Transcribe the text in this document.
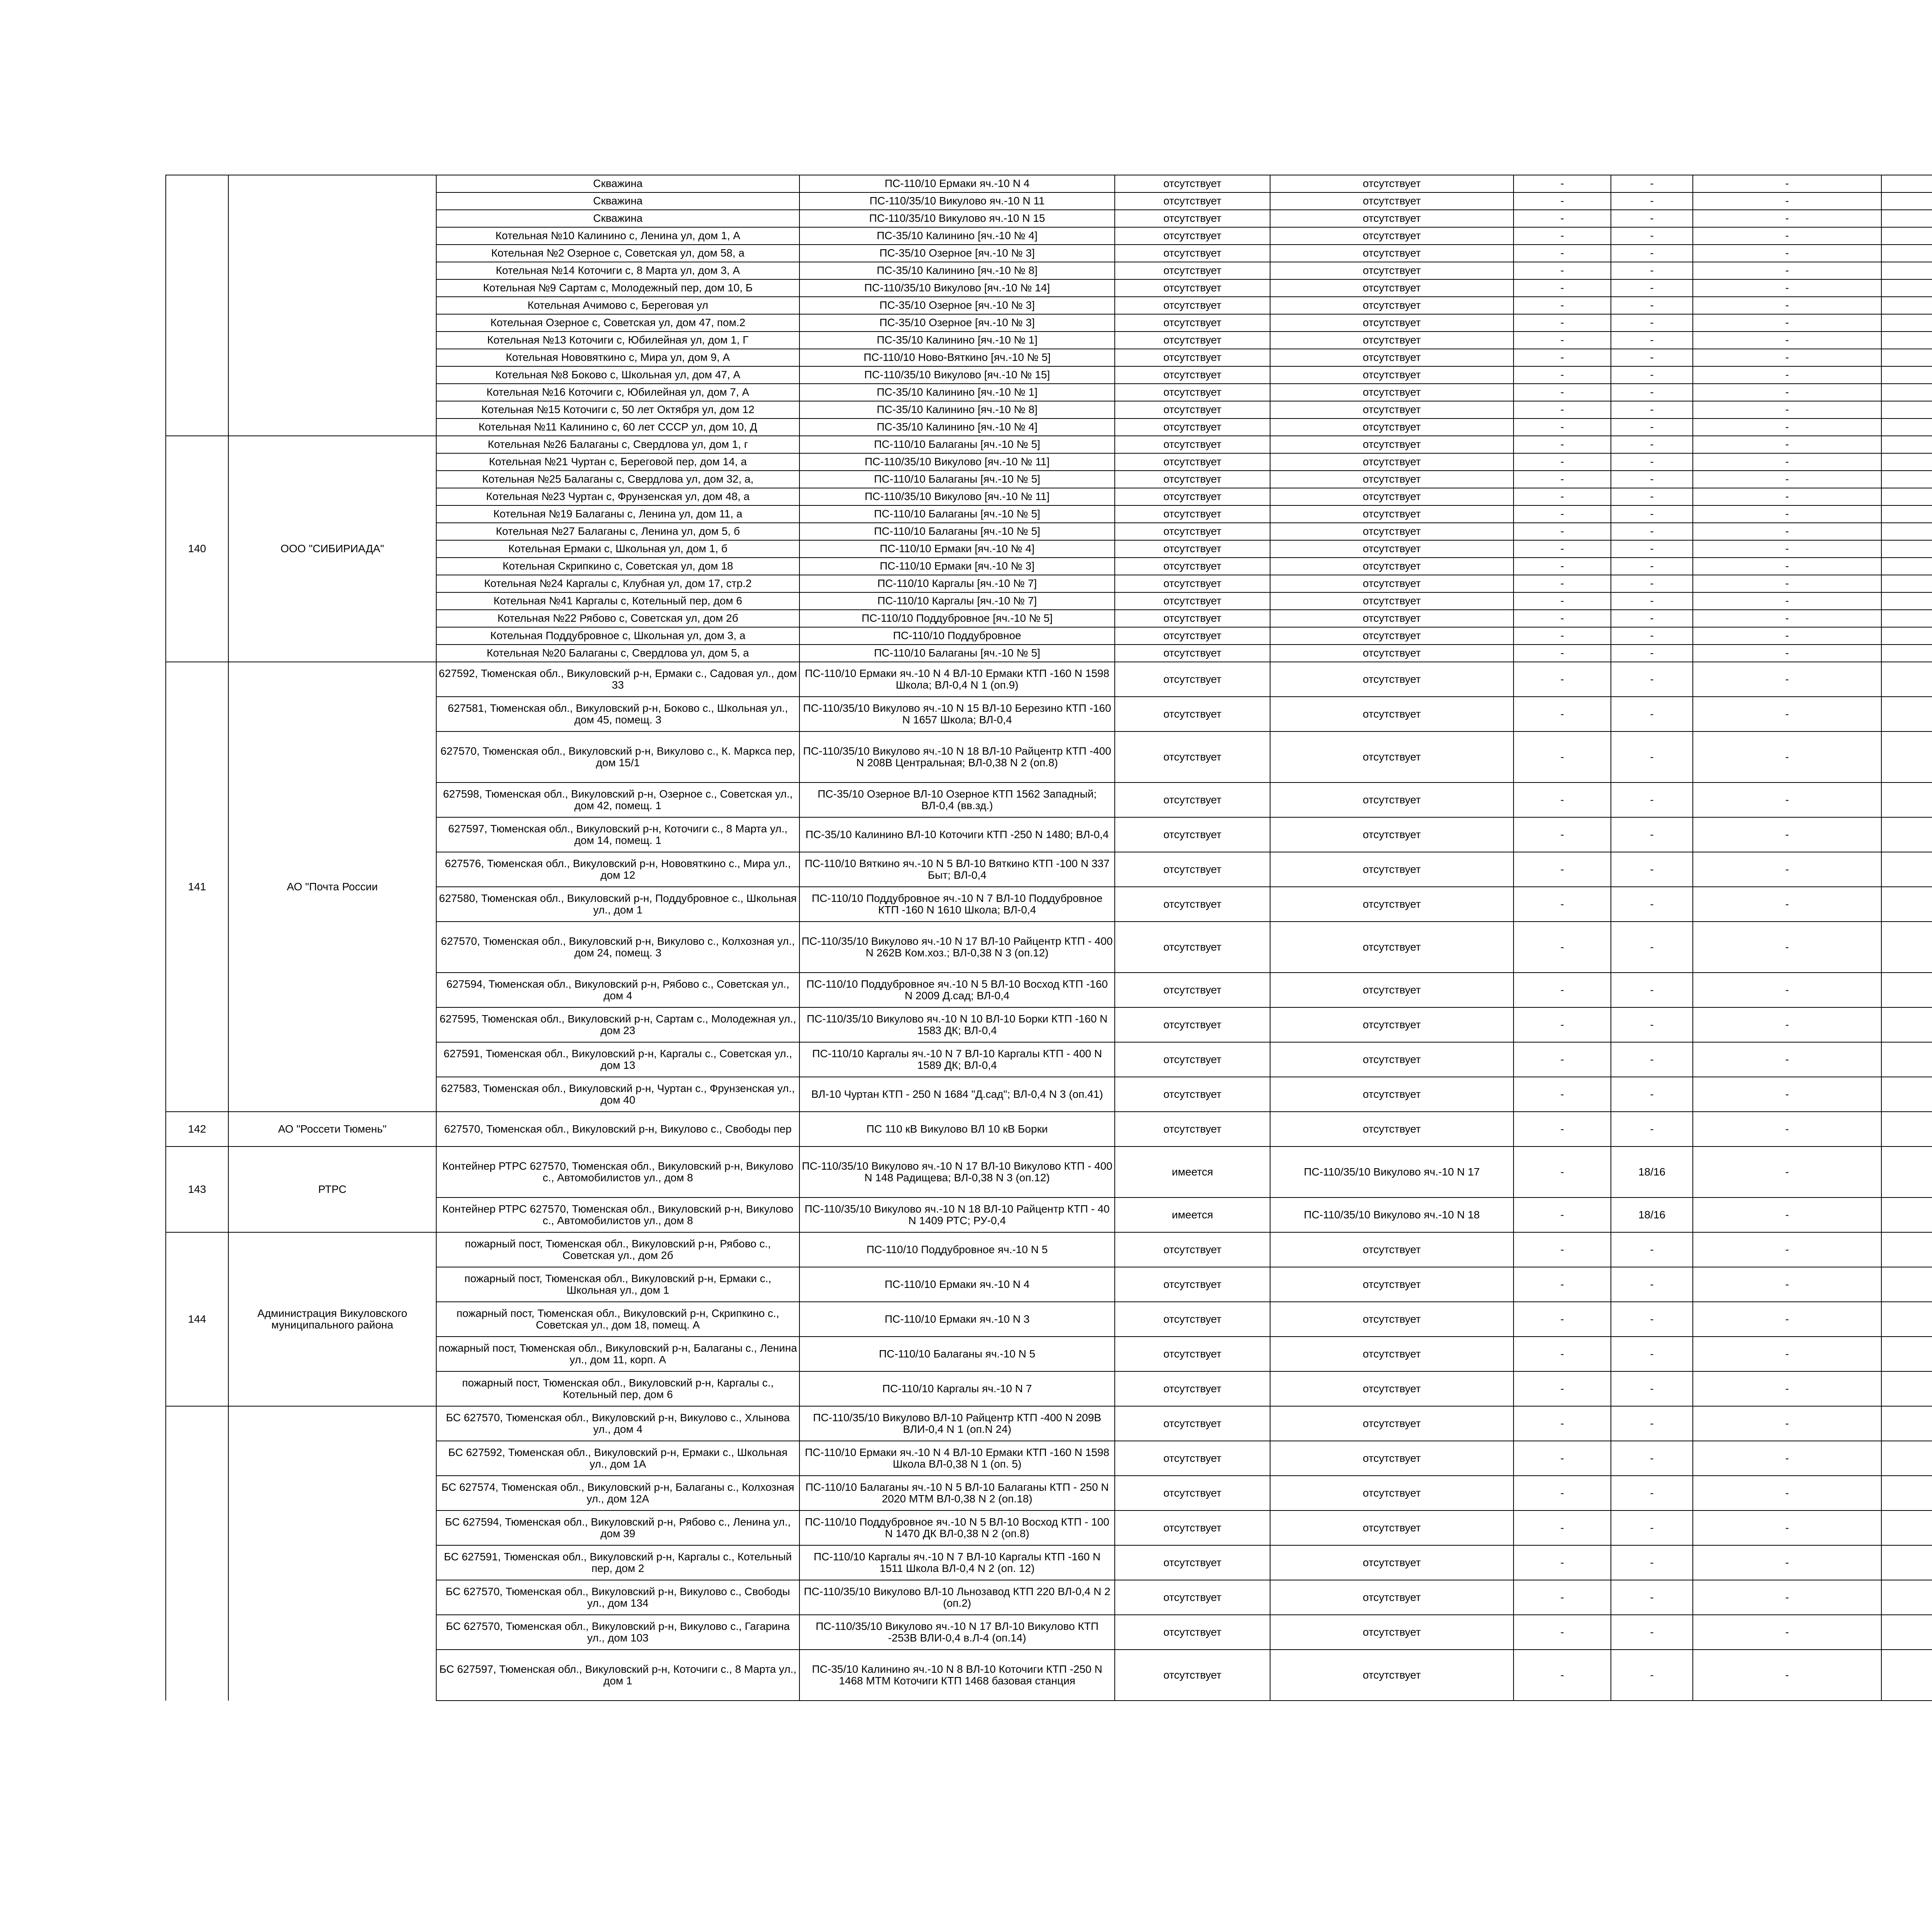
		Скважина	ПС-110/10 Ермаки яч.-10 N 4	отсутствует	отсутствует	-	-	-		
		Скважина	ПС-110/35/10 Викулово яч.-10 N 11	отсутствует	отсутствует	-	-	-		
		Скважина	ПС-110/35/10 Викулово яч.-10 N 15	отсутствует	отсутствует	-	-	-		
		Котельная №10 Калинино с, Ленина ул, дом 1, А	ПС-35/10 Калинино [яч.-10 № 4]	отсутствует	отсутствует	-	-	-		
		Котельная №2 Озерное с, Советская ул, дом 58, а	ПС-35/10 Озерное [яч.-10 № 3]	отсутствует	отсутствует	-	-	-		
		Котельная №14 Коточиги с, 8 Марта ул, дом 3, А	ПС-35/10 Калинино [яч.-10 № 8]	отсутствует	отсутствует	-	-	-		
		Котельная №9 Сартам с, Молодежный пер, дом 10, Б	ПС-110/35/10 Викулово [яч.-10 № 14]	отсутствует	отсутствует	-	-	-		
		Котельная Ачимово с, Береговая ул	ПС-35/10 Озерное [яч.-10 № 3]	отсутствует	отсутствует	-	-	-		
		Котельная Озерное с, Советская ул, дом 47, пом.2	ПС-35/10 Озерное [яч.-10 № 3]	отсутствует	отсутствует	-	-	-		
		Котельная №13 Коточиги с, Юбилейная ул, дом 1, Г	ПС-35/10 Калинино [яч.-10 № 1]	отсутствует	отсутствует	-	-	-		
		Котельная Нововяткино с, Мира ул, дом 9, А	ПС-110/10 Ново-Вяткино [яч.-10 № 5]	отсутствует	отсутствует	-	-	-		
		Котельная №8 Боково с, Школьная ул, дом 47, А	ПС-110/35/10 Викулово [яч.-10 № 15]	отсутствует	отсутствует	-	-	-		
		Котельная №16 Коточиги с, Юбилейная ул, дом 7, А	ПС-35/10 Калинино [яч.-10 № 1]	отсутствует	отсутствует	-	-	-		
		Котельная №15 Коточиги с, 50 лет Октября ул, дом 12	ПС-35/10 Калинино [яч.-10 № 8]	отсутствует	отсутствует	-	-	-		
		Котельная №11 Калинино с, 60 лет СССР ул, дом 10, Д	ПС-35/10 Калинино [яч.-10 № 4]	отсутствует	отсутствует	-	-	-		
140	ООО "СИБИРИАДА"	Котельная №26 Балаганы с, Свердлова ул, дом 1, г	ПС-110/10 Балаганы [яч.-10 № 5]	отсутствует	отсутствует	-	-	-		
		Котельная №21 Чуртан с, Береговой пер, дом 14, а	ПС-110/35/10 Викулово [яч.-10 № 11]	отсутствует	отсутствует	-	-	-		
		Котельная №25 Балаганы с, Свердлова ул, дом 32, а,	ПС-110/10 Балаганы [яч.-10 № 5]	отсутствует	отсутствует	-	-	-		
		Котельная №23 Чуртан с, Фрунзенская ул, дом 48, а	ПС-110/35/10 Викулово [яч.-10 № 11]	отсутствует	отсутствует	-	-	-		
		Котельная №19 Балаганы с, Ленина ул, дом 11, а	ПС-110/10 Балаганы [яч.-10 № 5]	отсутствует	отсутствует	-	-	-		
		Котельная №27 Балаганы с, Ленина ул, дом 5, б	ПС-110/10 Балаганы [яч.-10 № 5]	отсутствует	отсутствует	-	-	-		
		Котельная Ермаки с, Школьная ул, дом 1, б	ПС-110/10 Ермаки [яч.-10 № 4]	отсутствует	отсутствует	-	-	-		
		Котельная Скрипкино с, Советская ул, дом 18	ПС-110/10 Ермаки [яч.-10 № 3]	отсутствует	отсутствует	-	-	-		
		Котельная №24 Каргалы с, Клубная ул, дом 17, стр.2	ПС-110/10 Каргалы [яч.-10 № 7]	отсутствует	отсутствует	-	-	-		
		Котельная №41 Каргалы с, Котельный пер, дом 6	ПС-110/10 Каргалы [яч.-10 № 7]	отсутствует	отсутствует	-	-	-		
		Котельная №22 Рябово с, Советская ул, дом 2б	ПС-110/10 Поддубровное [яч.-10 № 5]	отсутствует	отсутствует	-	-	-		
		Котельная Поддубровное с, Школьная ул, дом 3, а	ПС-110/10 Поддубровное	отсутствует	отсутствует	-	-	-		
		Котельная №20 Балаганы с, Свердлова ул, дом 5, а	ПС-110/10 Балаганы [яч.-10 № 5]	отсутствует	отсутствует	-	-	-		
141	АО "Почта России	627592, Тюменская обл., Викуловский р-н, Ермаки с., Садовая ул., дом 33	ПС-110/10 Ермаки яч.-10 N 4 ВЛ-10 Ермаки КТП -160 N 1598 Школа; ВЛ-0,4 N 1 (оп.9)	отсутствует	отсутствует	-	-	-		
		627581, Тюменская обл., Викуловский р-н, Боково с., Школьная ул., дом 45, помещ. 3	ПС-110/35/10 Викулово яч.-10 N 15 ВЛ-10 Березино КТП -160 N 1657 Школа; ВЛ-0,4	отсутствует	отсутствует	-	-	-		
		627570, Тюменская обл., Викуловский р-н, Викулово с., К. Маркса пер, дом 15/1	ПС-110/35/10 Викулово яч.-10 N 18 ВЛ-10 Райцентр КТП -400 N 208В Центральная; ВЛ-0,38 N 2 (оп.8)	отсутствует	отсутствует	-	-	-		
		627598, Тюменская обл., Викуловский р-н, Озерное с., Советская ул., дом 42, помещ. 1	ПС-35/10 Озерное ВЛ-10 Озерное КТП 1562 Западный; ВЛ-0,4 (вв.зд.)	отсутствует	отсутствует	-	-	-		
		627597, Тюменская обл., Викуловский р-н, Коточиги с., 8 Марта ул., дом 14, помещ. 1	ПС-35/10 Калинино ВЛ-10 Коточиги КТП -250 N 1480; ВЛ-0,4	отсутствует	отсутствует	-	-	-		
		627576, Тюменская обл., Викуловский р-н, Нововяткино с., Мира ул., дом 12	ПС-110/10 Вяткино яч.-10 N 5 ВЛ-10 Вяткино КТП -100 N 337 Быт; ВЛ-0,4	отсутствует	отсутствует	-	-	-		
		627580, Тюменская обл., Викуловский р-н, Поддубровное с., Школьная ул., дом 1	ПС-110/10 Поддубровное яч.-10 N 7 ВЛ-10 Поддубровное КТП -160 N 1610 Школа; ВЛ-0,4	отсутствует	отсутствует	-	-	-		
		627570, Тюменская обл., Викуловский р-н, Викулово с., Колхозная ул., дом 24, помещ. 3	ПС-110/35/10 Викулово яч.-10 N 17 ВЛ-10 Райцентр КТП - 400 N 262В Ком.хоз.; ВЛ-0,38 N 3 (оп.12)	отсутствует	отсутствует	-	-	-		
		627594, Тюменская обл., Викуловский р-н, Рябово с., Советская ул., дом 4	ПС-110/10 Поддубровное яч.-10 N 5 ВЛ-10 Восход КТП -160 N 2009 Д.сад; ВЛ-0,4	отсутствует	отсутствует	-	-	-		
		627595, Тюменская обл., Викуловский р-н, Сартам с., Молодежная ул., дом 23	ПС-110/35/10 Викулово яч.-10 N 10 ВЛ-10 Борки КТП -160 N 1583 ДК; ВЛ-0,4	отсутствует	отсутствует	-	-	-		
		627591, Тюменская обл., Викуловский р-н, Каргалы с., Советская ул., дом 13	ПС-110/10 Каргалы яч.-10 N 7 ВЛ-10 Каргалы КТП - 400 N 1589 ДК; ВЛ-0,4	отсутствует	отсутствует	-	-	-		
		627583, Тюменская обл., Викуловский р-н, Чуртан с., Фрунзенская ул., дом 40	ВЛ-10 Чуртан КТП - 250 N 1684 "Д.сад"; ВЛ-0,4 N 3 (оп.41)	отсутствует	отсутствует	-	-	-		
142	АО "Россети Тюмень"	627570, Тюменская обл., Викуловский р-н, Викулово с., Свободы пер	ПС 110 кВ Викулово ВЛ 10 кВ Борки	отсутствует	отсутствует	-	-	-		
143	РТРС	Контейнер РТРС 627570, Тюменская обл., Викуловский р-н, Викулово с., Автомобилистов ул., дом 8	ПС-110/35/10 Викулово яч.-10 N 17 ВЛ-10 Викулово КТП - 400 N 148 Радищева; ВЛ-0,38 N 3 (оп.12)	имеется	ПС-110/35/10 Викулово яч.-10 N 17	-	18/16	-		
		Контейнер РТРС 627570, Тюменская обл., Викуловский р-н, Викулово с., Автомобилистов ул., дом 8	ПС-110/35/10 Викулово яч.-10 N 18 ВЛ-10 Райцентр КТП - 40 N 1409 РТС; РУ-0,4	имеется	ПС-110/35/10 Викулово яч.-10 N 18	-	18/16	-		
144	Администрация Викуловского муниципального района	пожарный пост, Тюменская обл., Викуловский р-н, Рябово с., Советская ул., дом 2б	ПС-110/10 Поддубровное яч.-10 N 5	отсутствует	отсутствует	-	-	-		
		пожарный пост, Тюменская обл., Викуловский р-н, Ермаки с., Школьная ул., дом 1	ПС-110/10 Ермаки яч.-10 N 4	отсутствует	отсутствует	-	-	-		
		пожарный пост, Тюменская обл., Викуловский р-н, Скрипкино с., Советская ул., дом 18, помещ. А	ПС-110/10 Ермаки яч.-10 N 3	отсутствует	отсутствует	-	-	-		
		пожарный пост, Тюменская обл., Викуловский р-н, Балаганы с., Ленина ул., дом 11, корп. А	ПС-110/10 Балаганы яч.-10 N 5	отсутствует	отсутствует	-	-	-		
		пожарный пост, Тюменская обл., Викуловский р-н, Каргалы с., Котельный пер, дом 6	ПС-110/10 Каргалы яч.-10 N 7	отсутствует	отсутствует	-	-	-		
		БС 627570, Тюменская обл., Викуловский р-н, Викулово с., Хлынова ул., дом 4	ПС-110/35/10 Викулово ВЛ-10 Райцентр КТП -400 N 209В ВЛИ-0,4 N 1 (оп.N 24)	отсутствует	отсутствует	-	-	-		
		БС 627592, Тюменская обл., Викуловский р-н, Ермаки с., Школьная ул., дом 1А	ПС-110/10 Ермаки яч.-10 N 4 ВЛ-10 Ермаки КТП -160 N 1598 Школа ВЛ-0,38 N 1 (оп. 5)	отсутствует	отсутствует	-	-	-		
		БС 627574, Тюменская обл., Викуловский р-н, Балаганы с., Колхозная ул., дом 12А	ПС-110/10 Балаганы яч.-10 N 5 ВЛ-10 Балаганы КТП - 250 N 2020 МТМ ВЛ-0,38 N 2 (оп.18)	отсутствует	отсутствует	-	-	-		
		БС 627594, Тюменская обл., Викуловский р-н, Рябово с., Ленина ул., дом 39	ПС-110/10 Поддубровное яч.-10 N 5 ВЛ-10 Восход КТП - 100 N 1470 ДК ВЛ-0,38 N 2 (оп.8)	отсутствует	отсутствует	-	-	-		
		БС 627591, Тюменская обл., Викуловский р-н, Каргалы с., Котельный пер, дом 2	ПС-110/10 Каргалы яч.-10 N 7 ВЛ-10 Каргалы КТП -160 N 1511 Школа ВЛ-0,4 N 2 (оп. 12)	отсутствует	отсутствует	-	-	-		
		БС 627570, Тюменская обл., Викуловский р-н, Викулово с., Свободы ул., дом 134	ПС-110/35/10 Викулово ВЛ-10 Льнозавод КТП 220 ВЛ-0,4 N 2 (оп.2)	отсутствует	отсутствует	-	-	-		
		БС 627570, Тюменская обл., Викуловский р-н, Викулово с., Гагарина ул., дом 103	ПС-110/35/10 Викулово яч.-10 N 17 ВЛ-10 Викулово КТП -253В ВЛИ-0,4 в.Л-4 (оп.14)	отсутствует	отсутствует	-	-	-		
		БС 627597, Тюменская обл., Викуловский р-н, Коточиги с., 8 Марта ул., дом 1	ПС-35/10 Калинино яч.-10 N 8 ВЛ-10 Коточиги КТП -250 N 1468 МТМ Коточиги КТП 1468 базовая станция	отсутствует	отсутствует	-	-	-		
